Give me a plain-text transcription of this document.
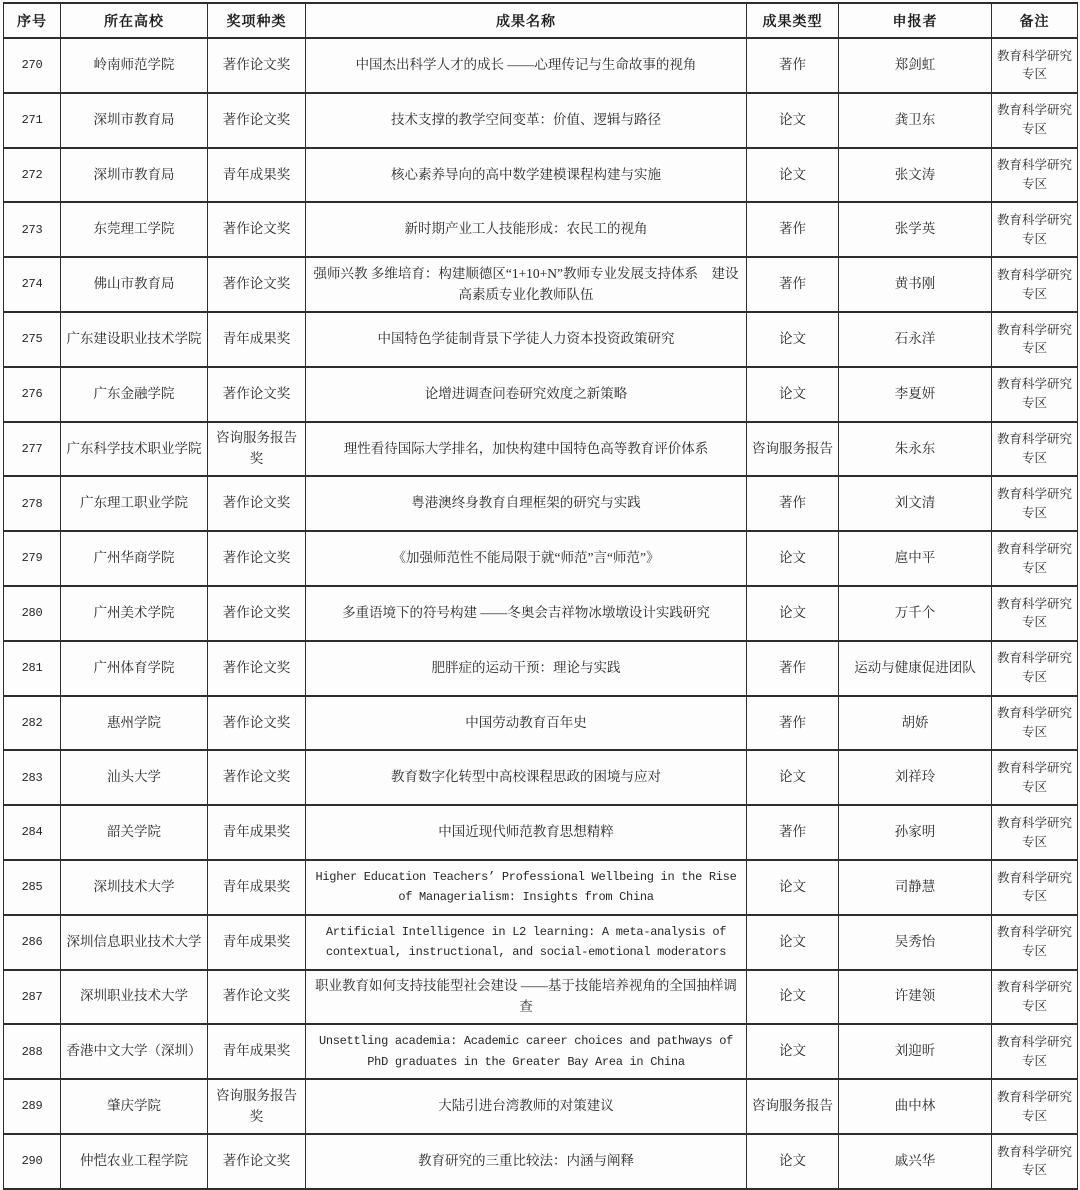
序号	所在高校	奖项种类	成果名称	成果类型	申报者	备注
270	岭南师范学院	著作论文奖	中国杰出科学人才的成长 ——心理传记与生命故事的视角	著作	郑剑虹	教育科学研究专区
271	深圳市教育局	著作论文奖	技术支撑的教学空间变革：价值、逻辑与路径	论文	龚卫东	教育科学研究专区
272	深圳市教育局	青年成果奖	核心素养导向的高中数学建模课程构建与实施	论文	张文涛	教育科学研究专区
273	东莞理工学院	著作论文奖	新时期产业工人技能形成：农民工的视角	著作	张学英	教育科学研究专区
274	佛山市教育局	著作论文奖	强师兴教 多维培育：构建顺德区“1+10+N”教师专业发展支持体系　建设高素质专业化教师队伍	著作	黄书刚	教育科学研究专区
275	广东建设职业技术学院	青年成果奖	中国特色学徒制背景下学徒人力资本投资政策研究	论文	石永洋	教育科学研究专区
276	广东金融学院	著作论文奖	论增进调查问卷研究效度之新策略	论文	李夏妍	教育科学研究专区
277	广东科学技术职业学院	咨询服务报告奖	理性看待国际大学排名，加快构建中国特色高等教育评价体系	咨询服务报告	朱永东	教育科学研究专区
278	广东理工职业学院	著作论文奖	粤港澳终身教育自理框架的研究与实践	著作	刘文清	教育科学研究专区
279	广州华商学院	著作论文奖	《加强师范性不能局限于就“师范”言“师范”》	论文	扈中平	教育科学研究专区
280	广州美术学院	著作论文奖	多重语境下的符号构建 ——冬奥会吉祥物冰墩墩设计实践研究	论文	万千个	教育科学研究专区
281	广州体育学院	著作论文奖	肥胖症的运动干预：理论与实践	著作	运动与健康促进团队	教育科学研究专区
282	惠州学院	著作论文奖	中国劳动教育百年史	著作	胡娇	教育科学研究专区
283	汕头大学	著作论文奖	教育数字化转型中高校课程思政的困境与应对	论文	刘祥玲	教育科学研究专区
284	韶关学院	青年成果奖	中国近现代师范教育思想精粹	著作	孙家明	教育科学研究专区
285	深圳技术大学	青年成果奖	Higher Education Teachers’ Professional Wellbeing in the Rise of Managerialism: Insights from China	论文	司静慧	教育科学研究专区
286	深圳信息职业技术大学	青年成果奖	Artificial Intelligence in L2 learning: A meta-analysis of contextual, instructional, and social-emotional moderators	论文	吴秀怡	教育科学研究专区
287	深圳职业技术大学	著作论文奖	职业教育如何支持技能型社会建设 ——基于技能培养视角的全国抽样调查	论文	许建领	教育科学研究专区
288	香港中文大学（深圳）	青年成果奖	Unsettling academia: Academic career choices and pathways of PhD graduates in the Greater Bay Area in China	论文	刘迎昕	教育科学研究专区
289	肇庆学院	咨询服务报告奖	大陆引进台湾教师的对策建议	咨询服务报告	曲中林	教育科学研究专区
290	仲恺农业工程学院	著作论文奖	教育研究的三重比较法：内涵与阐释	论文	戚兴华	教育科学研究专区
